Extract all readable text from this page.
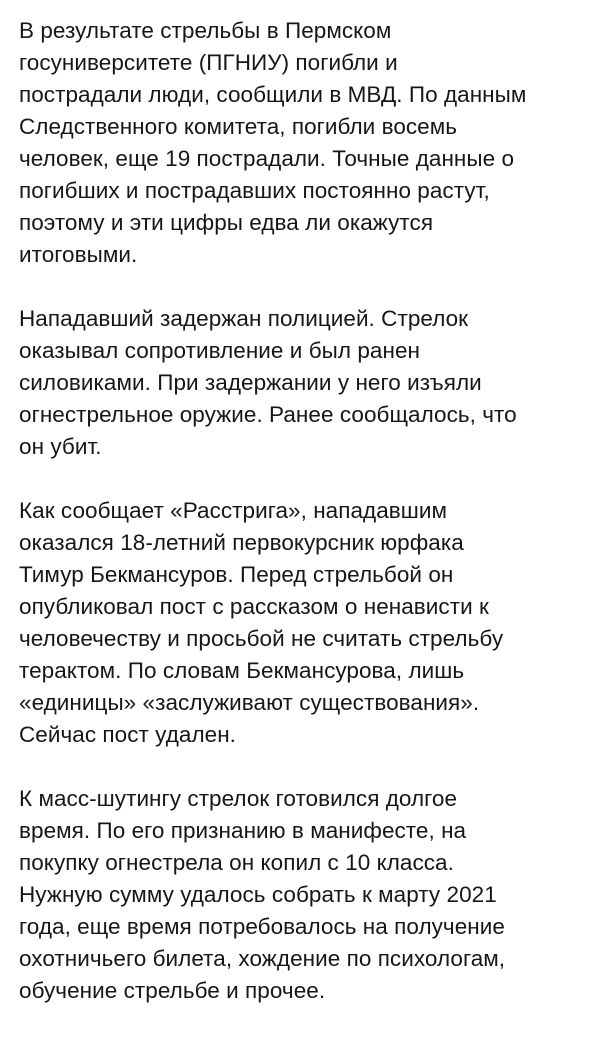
В результате стрельбы в Пермском
госуниверситете (ПГНИУ) погибли и
пострадали люди, сообщили в МВД. По данным
Следственного комитета, погибли восемь
человек, еще 19 пострадали. Точные данные о
погибших и пострадавших постоянно растут,
поэтому и эти цифры едва ли окажутся
итоговыми.

Нападавший задержан полицией. Стрелок
оказывал сопротивление и был ранен
силовиками. При задержании у него изъяли
огнестрельное оружие. Ранее сообщалось, что
он убит.

Как сообщает «Расстрига», нападавшим
оказался 18-летний первокурсник юрфака
Тимур Бекмансуров. Перед стрельбой он
опубликовал пост с рассказом о ненависти к
человечеству и просьбой не считать стрельбу
терактом. По словам Бекмансурова, лишь
«единицы» «заслуживают существования».
Сейчас пост удален.

К масс-шутингу стрелок готовился долгое
время. По его признанию в манифесте, на
покупку огнестрела он копил с 10 класса.
Нужную сумму удалось собрать к марту 2021
года, еще время потребовалось на получение
охотничьего билета, хождение по психологам,
обучение стрельбе и прочее.
